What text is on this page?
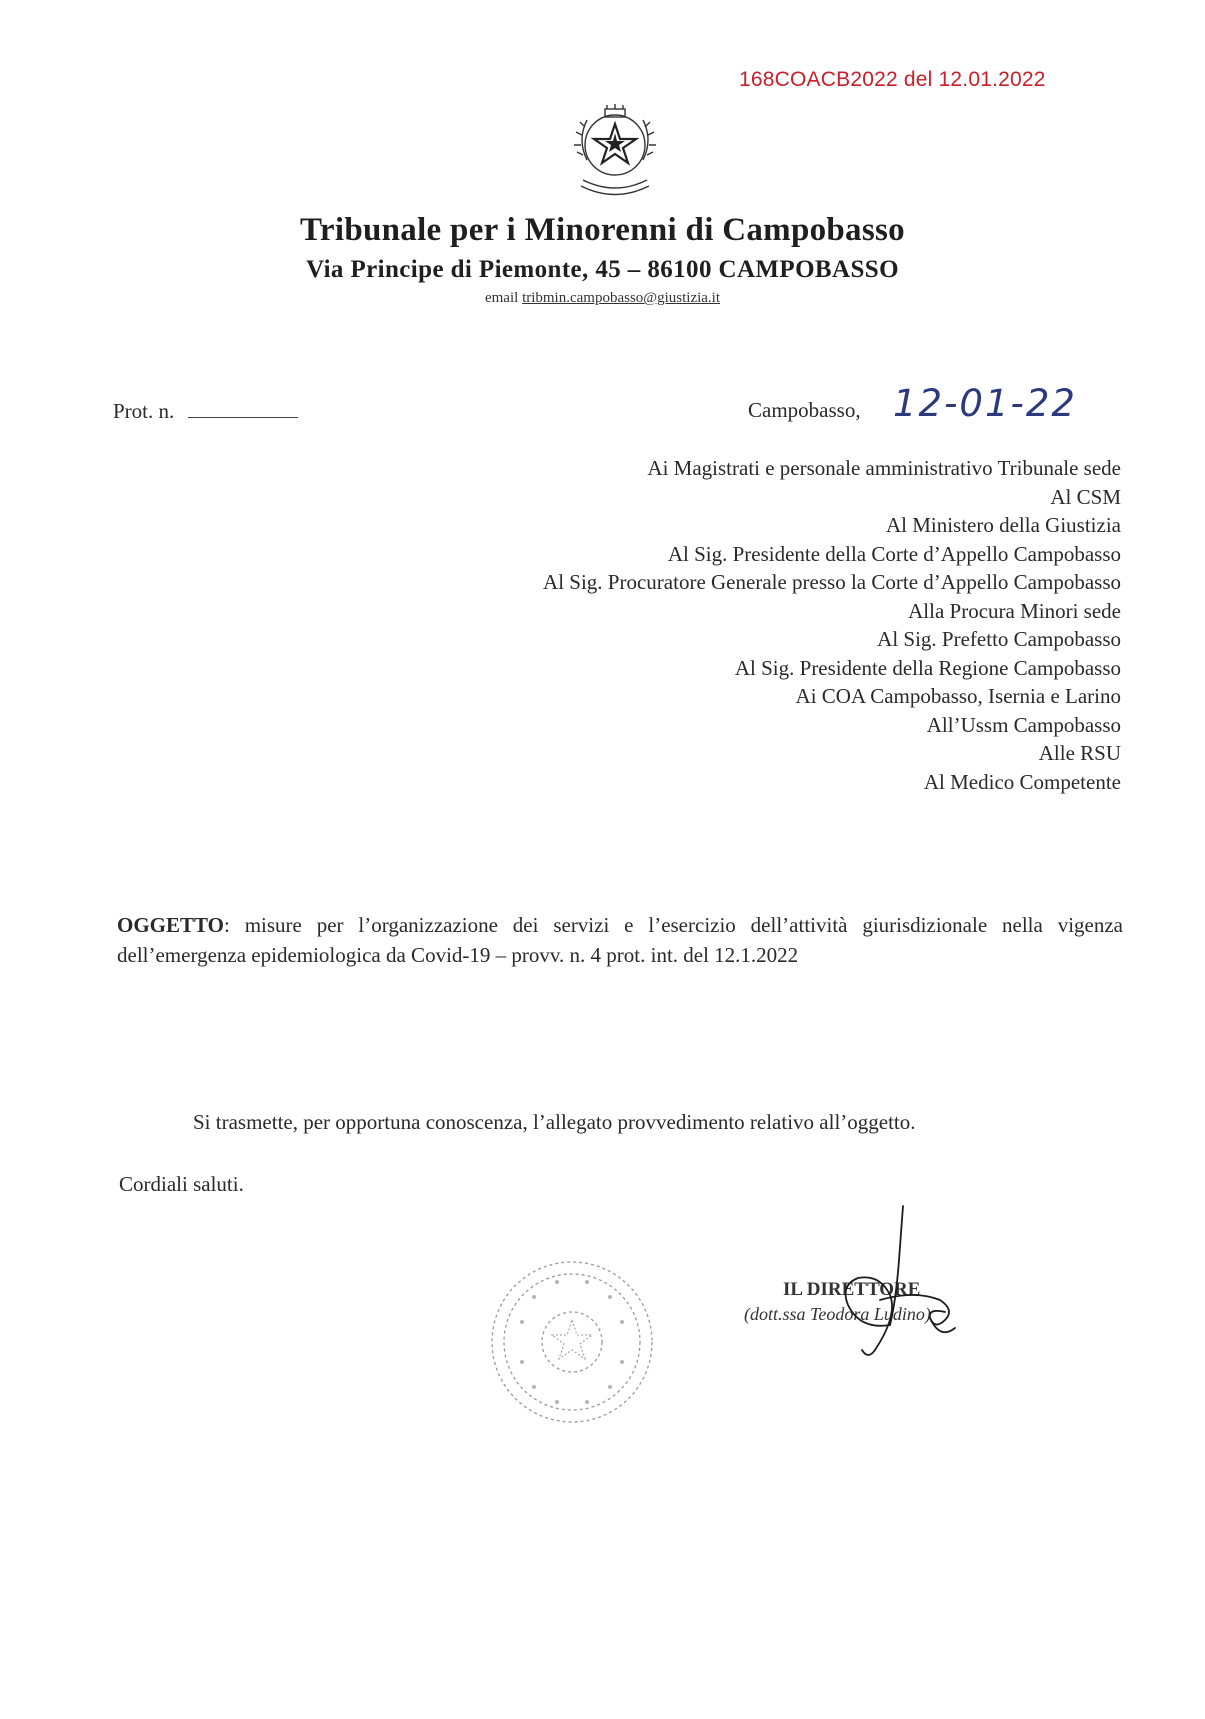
168COACB2022 del 12.01.2022
Tribunale per i Minorenni di Campobasso
Via Principe di Piemonte, 45 – 86100 CAMPOBASSO
email tribmin.campobasso@giustizia.it
Prot. n.	Campobasso, 12-01-22
Ai Magistrati e personale amministrativo Tribunale sede
Al CSM
Al Ministero della Giustizia
Al Sig. Presidente della Corte d’Appello Campobasso
Al Sig. Procuratore Generale presso la Corte d’Appello Campobasso
Alla Procura Minori sede
Al Sig. Prefetto Campobasso
Al Sig. Presidente della Regione Campobasso
Ai COA Campobasso, Isernia e Larino
All’Ussm Campobasso
Alle RSU
Al Medico Competente
OGGETTO: misure per l’organizzazione dei servizi e l’esercizio dell’attività giurisdizionale nella vigenza dell’emergenza epidemiologica da Covid-19 – provv. n. 4 prot. int. del 12.1.2022
Si trasmette, per opportuna conoscenza, l’allegato provvedimento relativo all’oggetto.
Cordiali saluti.
IL DIRETTORE
(dott.ssa Teodora Ludino)
